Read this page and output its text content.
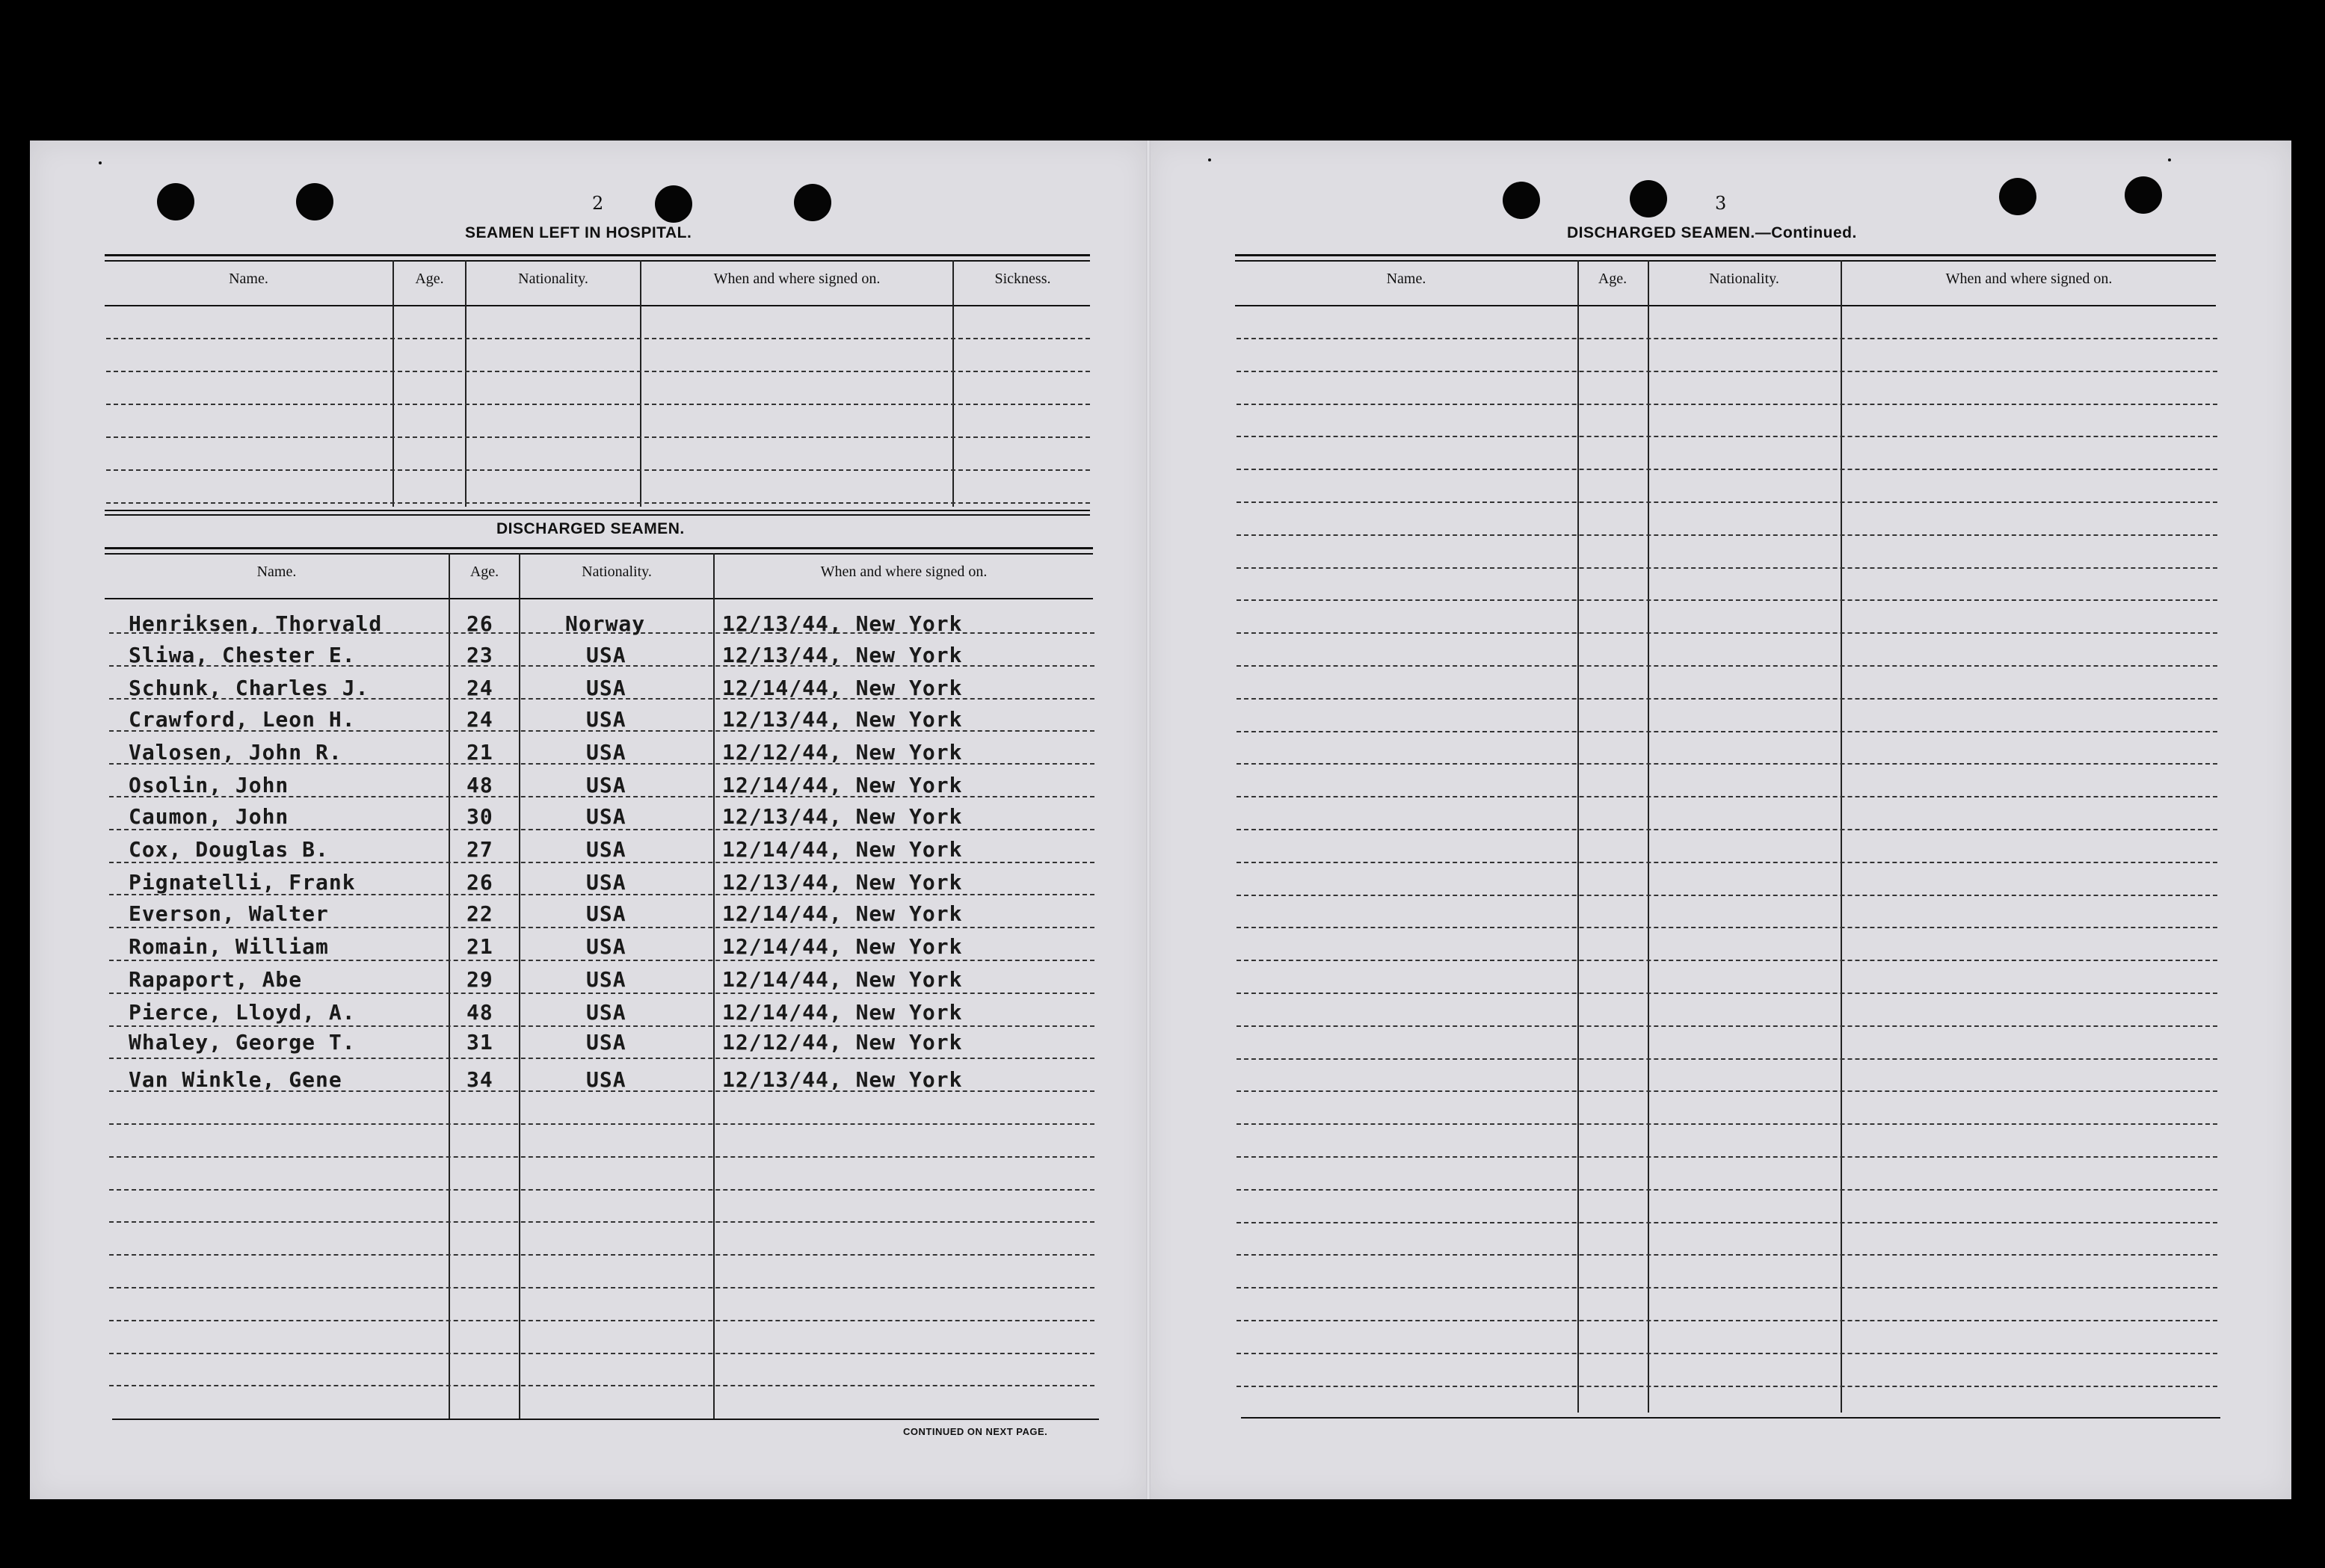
2
SEAMEN LEFT IN HOSPITAL.
Name.	Age.	Nationality.	When and where signed on.	Sickness.
DISCHARGED SEAMEN.
Name.	Age.	Nationality.	When and where signed on.
CONTINUED ON NEXT PAGE.
Henriksen, Thorvald	26	Norway	12/13/44, New York
Sliwa, Chester E.	23	USA	12/13/44, New York
Schunk, Charles J.	24	USA	12/14/44, New York
Crawford, Leon H.	24	USA	12/13/44, New York
Valosen, John R.	21	USA	12/12/44, New York
Osolin, John	48	USA	12/14/44, New York
Caumon, John	30	USA	12/13/44, New York
Cox, Douglas B.	27	USA	12/14/44, New York
Pignatelli, Frank	26	USA	12/13/44, New York
Everson, Walter	22	USA	12/14/44, New York
Romain, William	21	USA	12/14/44, New York
Rapaport, Abe	29	USA	12/14/44, New York
Pierce, Lloyd, A.	48	USA	12/14/44, New York
Whaley, George T.	31	USA	12/12/44, New York
Van Winkle, Gene	34	USA	12/13/44, New York
3
DISCHARGED SEAMEN.—Continued.
Name.	Age.	Nationality.	When and where signed on.
